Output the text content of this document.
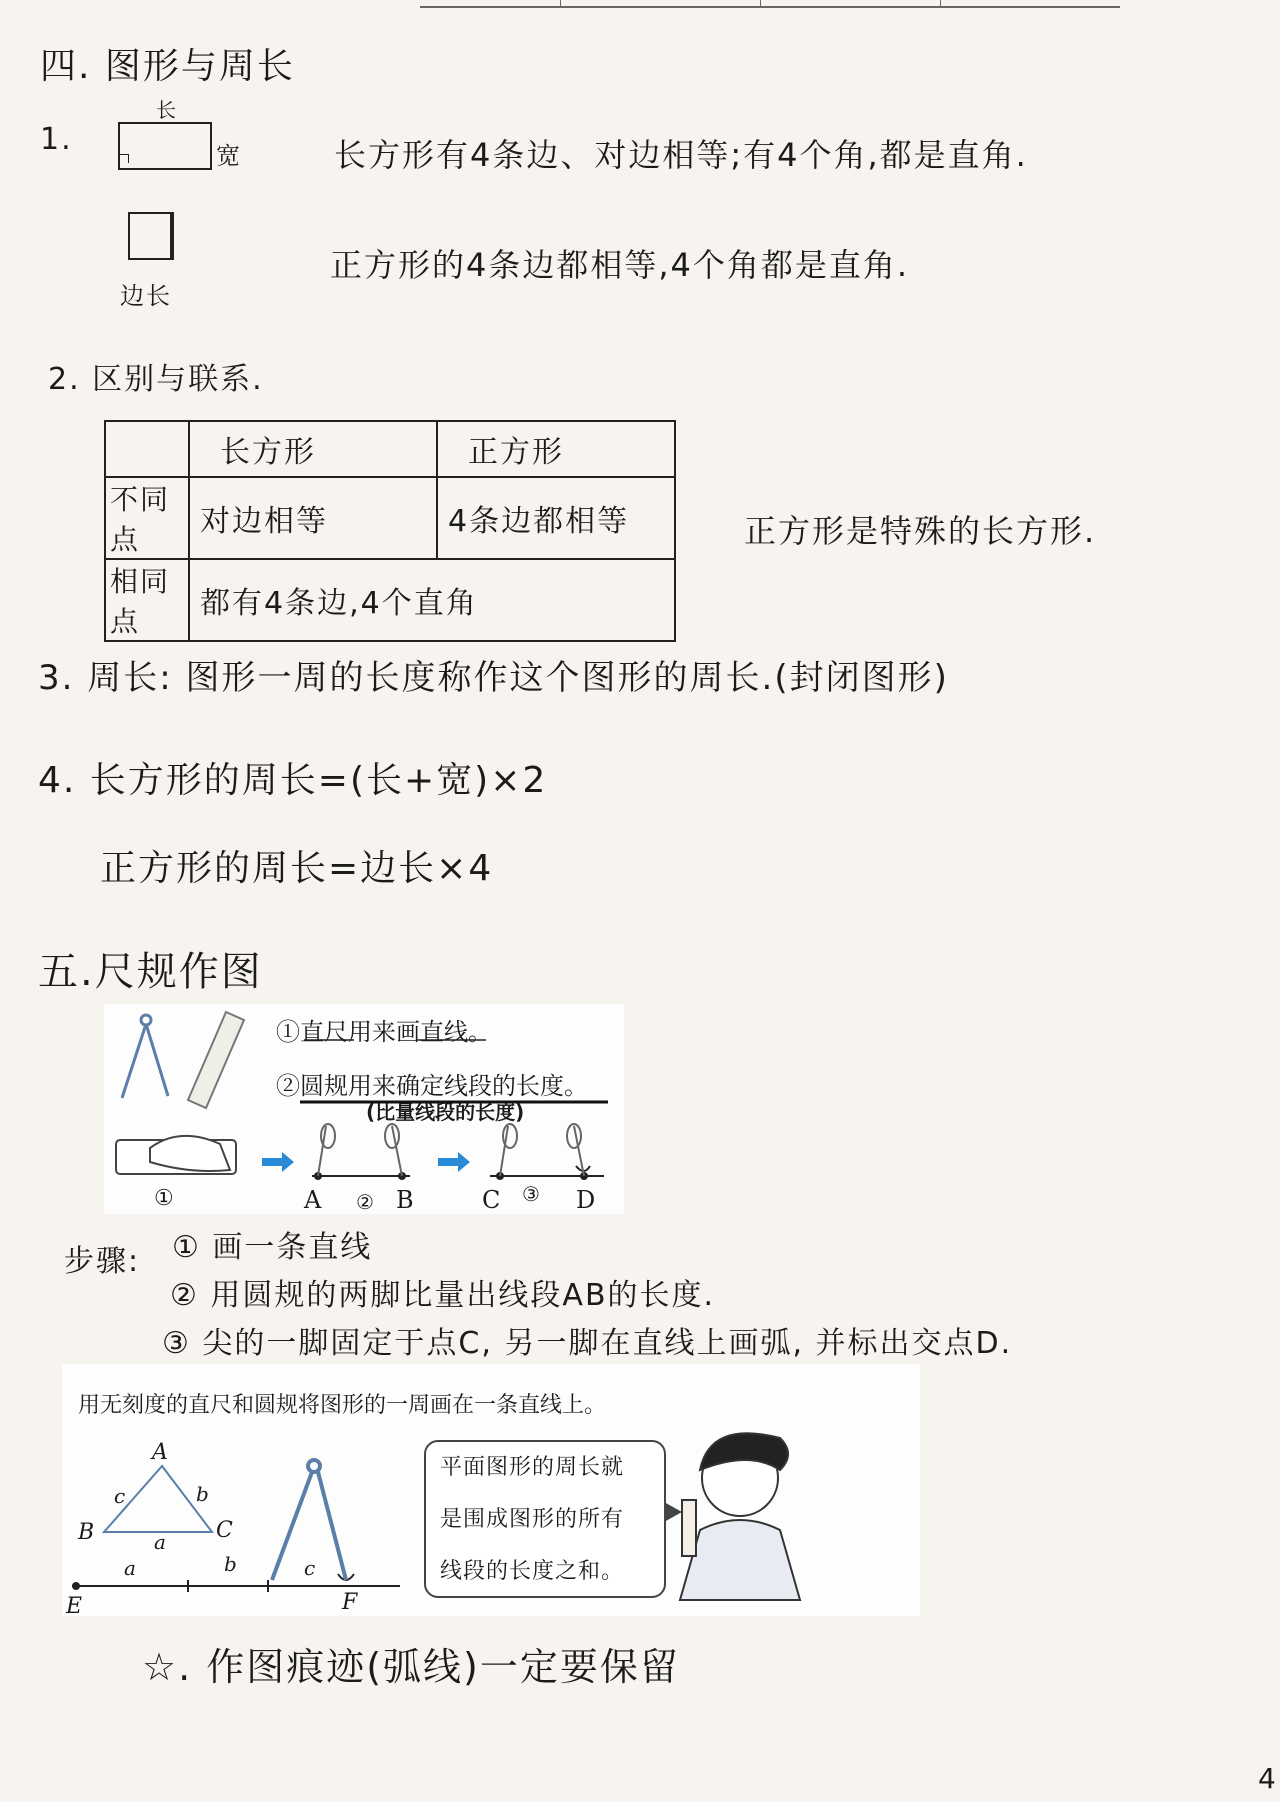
四. 图形与周长
1.
长
宽	长方形有4条边、对边相等;有4个角,都是直角.
边长
正方形的4条边都相等,4个角都是直角.
2. 区别与联系.
	长方形	正方形
不同点	对边相等	4条边都相等
相同点	都有4条边,4个直角	
正方形是特殊的长方形.
3. 周长: 图形一周的长度称作这个图形的周长.(封闭图形)
4. 长方形的周长=(长+宽)×2
正方形的周长=边长×4
五.尺规作图
①直尺用来画直线。
②圆规用来确定线段的长度。
(比量线段的长度)
①	A ② B	C ③ D
步骤: ① 画一条直线
② 用圆规的两脚比量出线段AB的长度.
③ 尖的一脚固定于点C, 另一脚在直线上画弧, 并标出交点D.
用无刻度的直尺和圆规将图形的一周画在一条直线上。
A
B	C
c	b
a
a	b	c
E	F
平面图形的周长就
是围成图形的所有
线段的长度之和。
☆. 作图痕迹(弧线)一定要保留
4
